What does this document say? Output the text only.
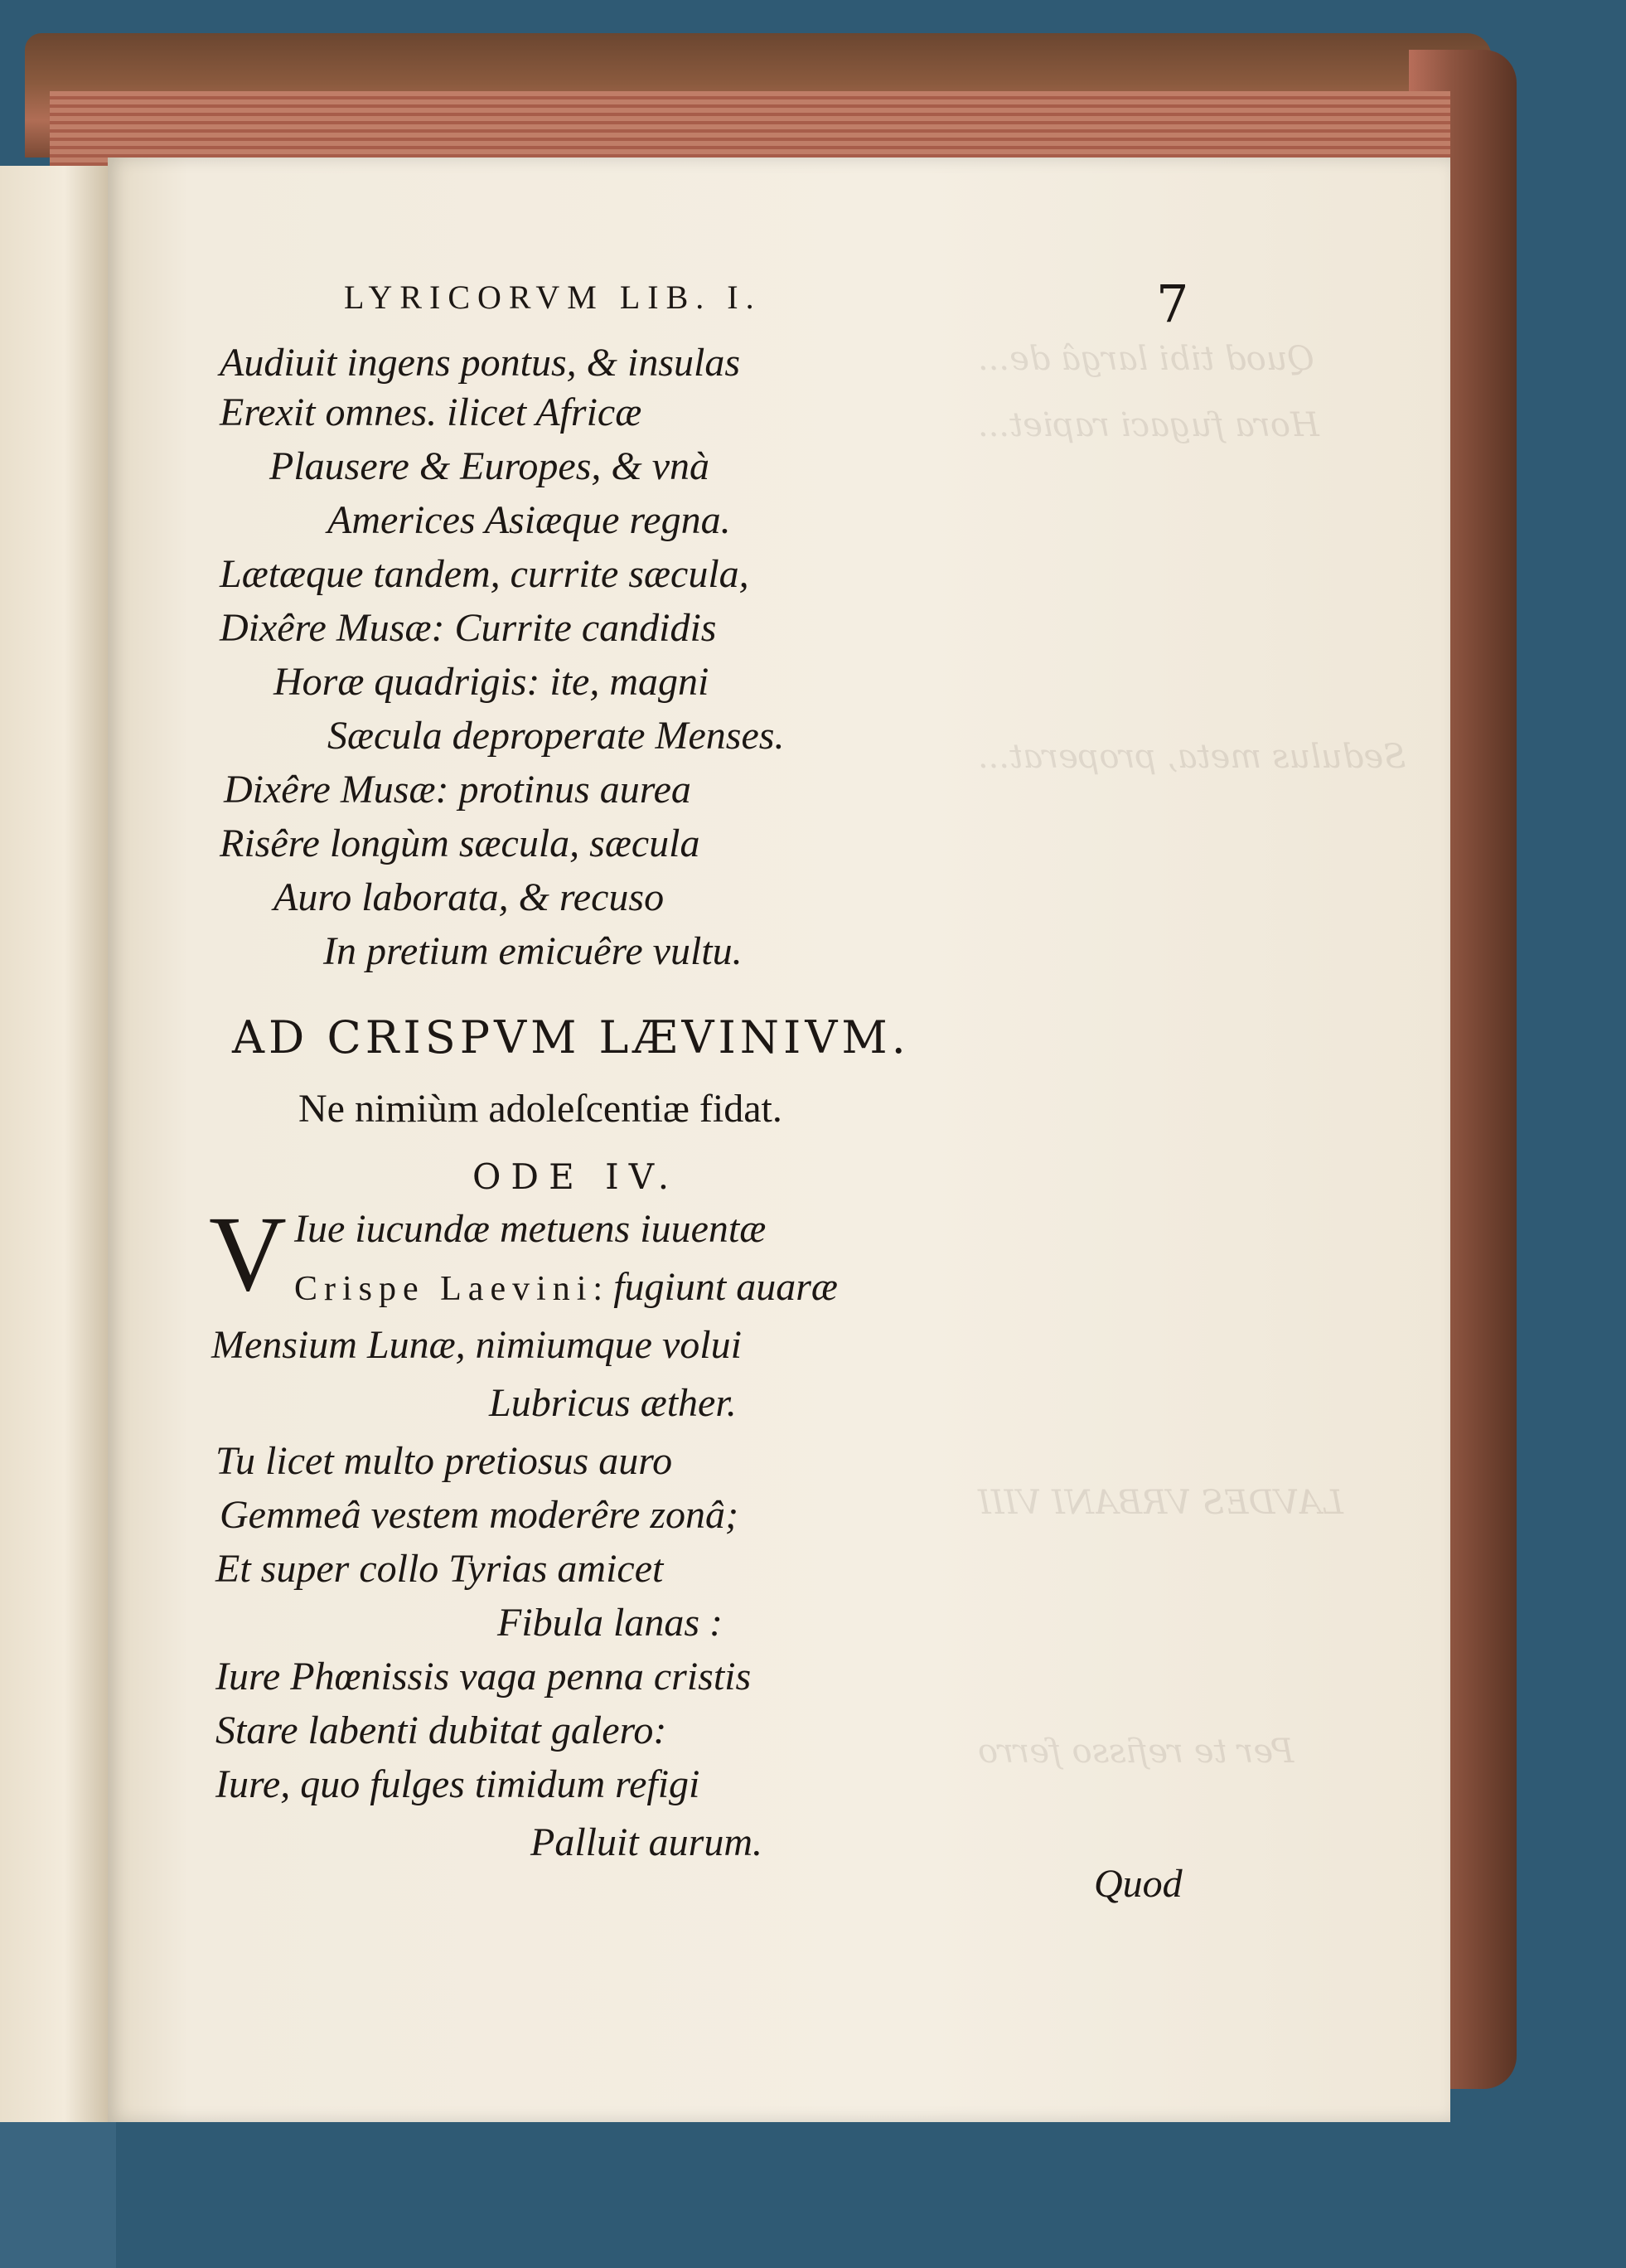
Quod tibi largâ de...
Hora fugaci rapiet...
Sedulus meta, properat...
LAVDES VRBANI VIII
Per te refisso ferro
LYRICORVM LIB. I.	7
Audiuit ingens pontus, & insulas
Erexit omnes. ilicet Africæ
Plausere & Europes, & vnà
Americes Asiæque regna.
Lætæque tandem, currite sæcula,
Dixêre Musæ: Currite candidis
Horæ quadrigis: ite, magni
Sæcula deproperate Menses.
Dixêre Musæ: protinus aurea
Risêre longùm sæcula, sæcula
Auro laborata, & recuso
In pretium emicuêre vultu.
AD CRISPVM LÆVINIVM.
Ne nimiùm adoleſcentiæ fidat.
ODE IV.
V Iue iucundæ metuens iuuentæ
Crispe Laevini: fugiunt auaræ
Mensium Lunæ, nimiumque volui
Lubricus æther.
Tu licet multo pretiosus auro
Gemmeâ vestem moderêre zonâ;
Et super collo Tyrias amicet
Fibula lanas :
Iure Phœnissis vaga penna cristis
Stare labenti dubitat galero:
Iure, quo fulges timidum refigi
Palluit aurum.
Quod
